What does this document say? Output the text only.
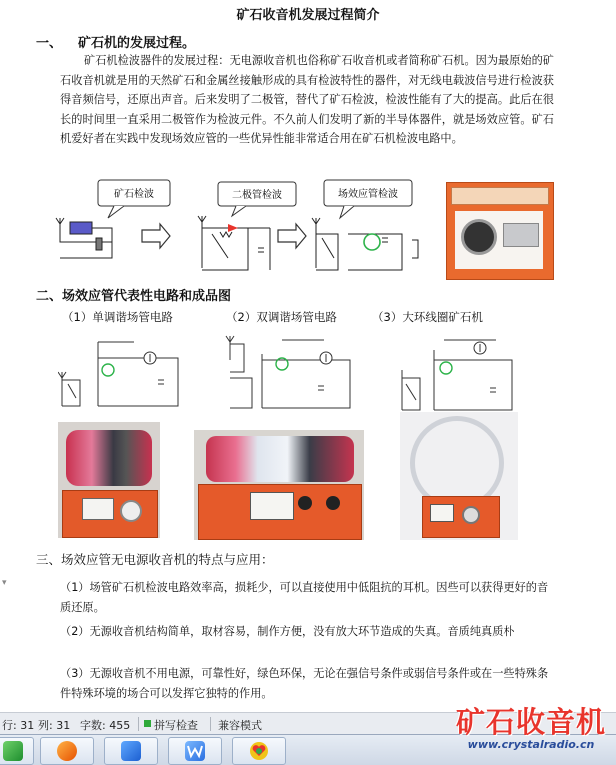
矿石收音机发展过程简介
一、 矿石机的发展过程。
矿石机检波器件的发展过程：无电源收音机也俗称矿石收音机或者简称矿石机。因为最原始的矿石收音机就是用的天然矿石和金属丝接触形成的具有检波特性的器件，对无线电载波信号进行检波获得音频信号，还原出声音。后来发明了二极管，替代了矿石检波，检波性能有了大的提高。此后在很长的时间里一直采用二极管作为检波元件。不久前人们发明了新的半导体器件，就是场效应管。矿石机爱好者在实践中发现场效应管的一些优异性能非常适合用在矿石机检波电路中。
矿石检波	二极管检波	场效应管检波
二、场效应管代表性电路和成品图
（1）单调谐场管电路	（2）双调谐场管电路	（3）大环线圈矿石机
▾
三、场效应管无电源收音机的特点与应用：
（1）场管矿石机检波电路效率高，损耗少，可以直接使用中低阻抗的耳机。因些可以获得更好的音质还原。
（2）无源收音机结构简单，取材容易，制作方便，没有放大环节造成的失真。音质纯真质朴
（3）无源收音机不用电源，可靠性好，绿色环保，无论在强信号条件或弱信号条件或在一些特殊条件特殊环境的场合可以发挥它独特的作用。
行: 31 列: 31 字数: 455 拼写检查 兼容模式	矿石收音机
www.crystalradio.cn
